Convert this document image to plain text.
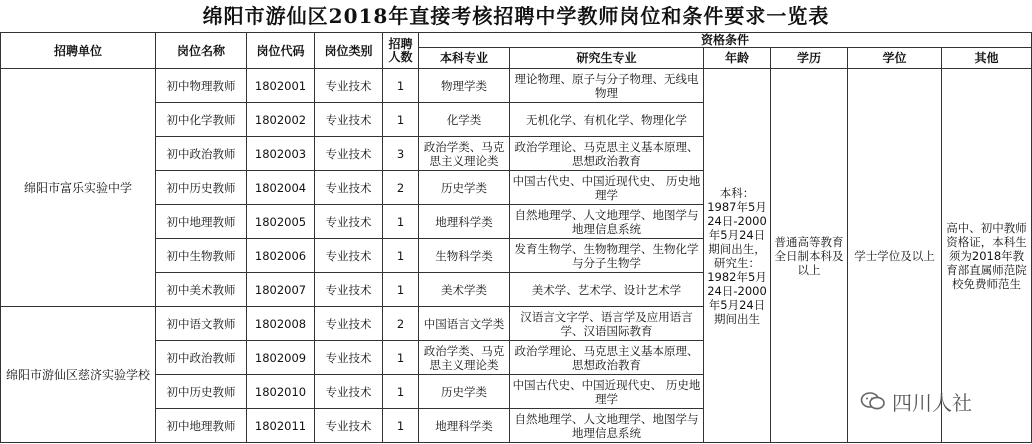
绵阳市游仙区2018年直接考核招聘中学教师岗位和条件要求一览表
招聘单位	岗位名称	岗位代码	岗位类别	招聘人数	资格条件					
					本科专业	研究生专业	年龄	学历	学位	其他
绵阳市富乐实验中学	初中物理教师	1802001	专业技术	1	物理学类	理论物理、原子与分子物理、无线电物理	本科：1987年5月24日-2000年5月24日期间出生，研究生：1982年5月24日-2000年5月24日期间出生	普通高等教育全日制本科及以上	学士学位及以上	高中、初中教师资格证，本科生须为2018年教育部直属师范院校免费师范生
	初中化学教师	1802002	专业技术	1	化学类	无机化学、有机化学、物理化学				
	初中政治教师	1802003	专业技术	3	政治学类、马克思主义理论类	政治学理论、马克思主义基本原理、思想政治教育				
	初中历史教师	1802004	专业技术	2	历史学类	中国古代史、中国近现代史、 历史地理学				
	初中地理教师	1802005	专业技术	1	地理科学类	自然地理学、人文地理学、地图学与地理信息系统				
	初中生物教师	1802006	专业技术	1	生物科学类	发育生物学、生物物理学、生物化学与分子生物学				
	初中美术教师	1802007	专业技术	1	美术学类	美术学、艺术学、设计艺术学				
绵阳市游仙区慈济实验学校	初中语文教师	1802008	专业技术	2	中国语言文学类	汉语言文字学、语言学及应用语言学、汉语国际教育				
	初中政治教师	1802009	专业技术	1	政治学类、马克思主义理论类	政治学理论、马克思主义基本原理、思想政治教育				
	初中历史教师	1802010	专业技术	1	历史学类	中国古代史、中国近现代史、 历史地理学				
	初中地理教师	1802011	专业技术	1	地理科学类	自然地理学、人文地理学、地图学与地理信息系统				
四川人社
